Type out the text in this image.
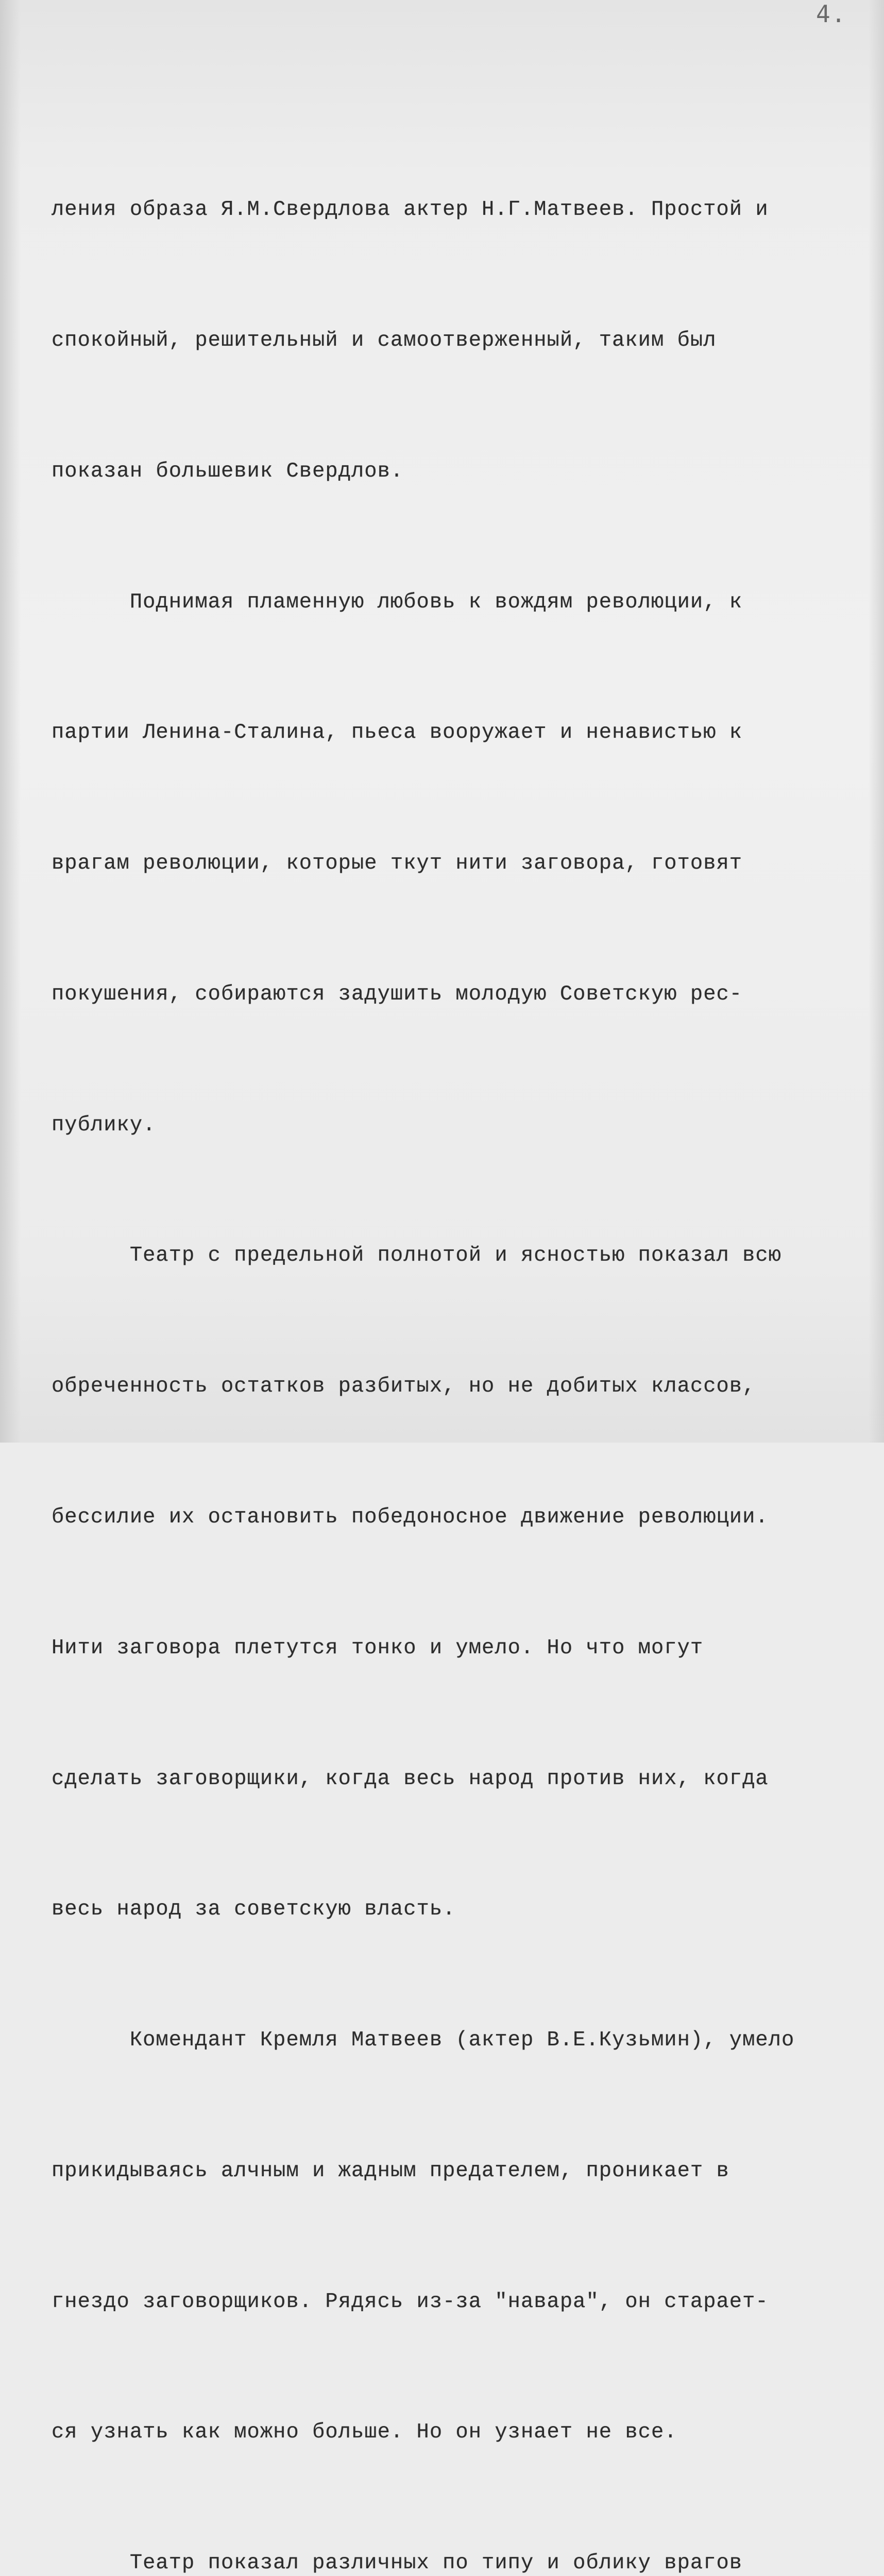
4.

ления образа Я.М.Свердлова актер Н.Г.Матвеев. Простой и

спокойный, решительный и самоотверженный, таким был

показан большевик Свердлов.

Поднимая пламенную любовь к вождям революции, к

партии Ленина-Сталина, пьеса вооружает и ненавистью к

врагам революции, которые ткут нити заговора, готовят

покушения, собираются задушить молодую Советскую рес-

публику.

Театр с предельной полнотой и ясностью показал всю

обреченность остатков разбитых, но не добитых классов,

бессилие их остановить победоносное движение революции.

Нити заговора плетутся тонко и умело. Но что могут

сделать заговорщики, когда весь народ против них, когда

весь народ за советскую власть.

Комендант Кремля Матвеев (актер В.Е.Кузьмин), умело

прикидываясь алчным и жадным предателем, проникает в

гнездо заговорщиков. Рядясь из-за "навара", он старает-

ся узнать как можно больше. Но он узнает не все.

Театр показал различных по типу и облику врагов
